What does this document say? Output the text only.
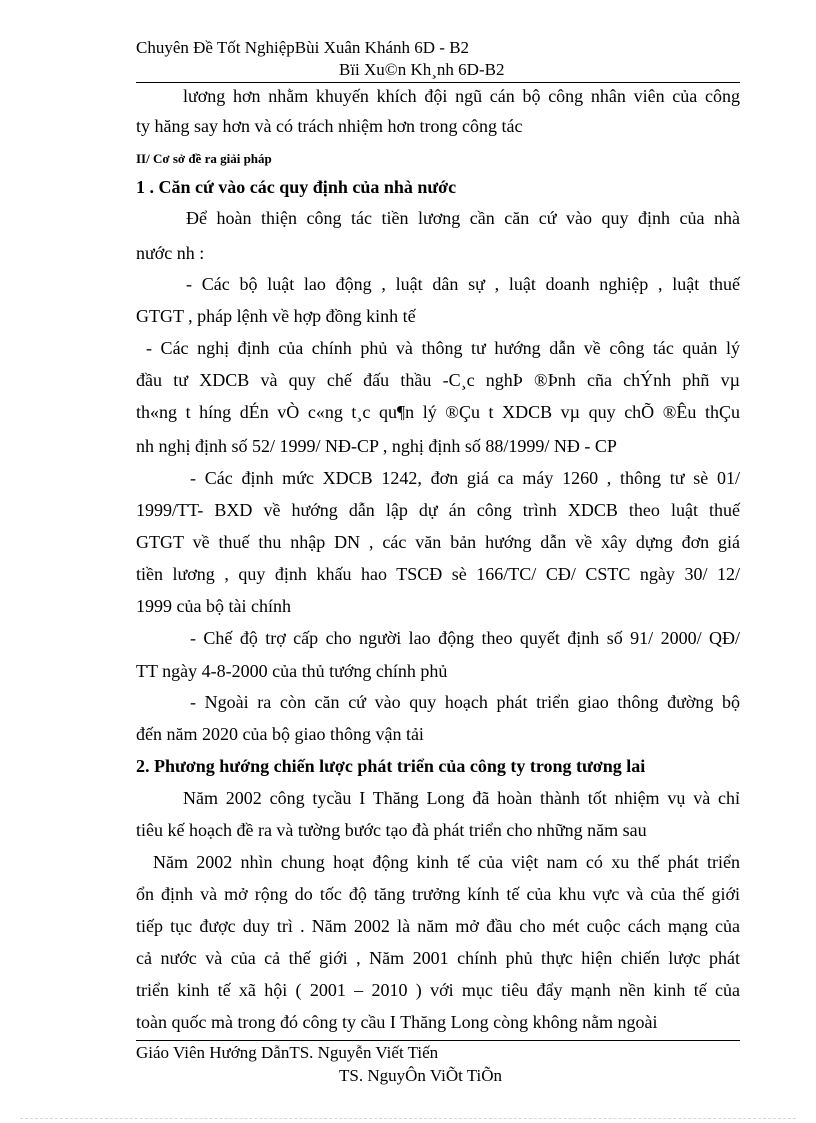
Chuyên Đề Tốt NghiệpBùi Xuân Khánh 6D - B2
Bïi Xu©n Kh¸nh 6D-B2
lương hơn nhằm khuyến khích đội ngũ cán bộ công nhân viên của công
ty hăng say hơn và có trách nhiệm hơn trong công tác
II/ Cơ sở đề ra giải pháp
1 . Căn cứ vào các quy định của nhà nước
Để hoàn thiện công tác tiền lương cần căn cứ vào quy định của nhà
nước nh :
- Các bộ luật lao động , luật dân sự , luật doanh nghiệp , luật thuế
GTGT , pháp lệnh về hợp đồng kinh tế
- Các nghị định của chính phủ và thông tư hướng dẫn về công tác quản lý
đầu tư XDCB và quy chế đấu thầu -C¸c nghÞ ®Þnh cña chÝnh phñ vµ
th«ng t híng dÉn vÒ c«ng t¸c qu¶n lý ®Çu t XDCB vµ quy chÕ ®Êu thÇu
nh nghị định số 52/ 1999/ NĐ-CP , nghị định số 88/1999/ NĐ - CP
- Các định mức XDCB 1242, đơn giá ca máy 1260 , thông tư sè 01/
1999/TT- BXD về hướng dẫn lập dự án công trình XDCB theo luật thuế
GTGT về thuế thu nhập DN , các văn bản hướng dẫn về xây dựng đơn giá
tiền lương , quy định khấu hao TSCĐ sè 166/TC/ CĐ/ CSTC ngày 30/ 12/
1999 của bộ tài chính
- Chế độ trợ cấp cho người lao động theo quyết định số 91/ 2000/ QĐ/
TT ngày 4-8-2000 của thủ tướng chính phủ
- Ngoài ra còn căn cứ vào quy hoạch phát triển giao thông đường bộ
đến năm 2020 của bộ giao thông vận tải
2. Phương hướng chiến lược phát triển của công ty trong tương lai
Năm 2002 công tycầu I Thăng Long đã hoàn thành tốt nhiệm vụ và chỉ
tiêu kế hoạch đề ra và tường bước tạo đà phát triển cho những năm sau
Năm 2002 nhìn chung hoạt động kinh tế của việt nam có xu thế phát triển
ổn định và mở rộng do tốc độ tăng trưởng kính tế của khu vực và của thế giới
tiếp tục được duy trì . Năm 2002 là năm mở đầu cho mét cuộc cách mạng của
cả nước và của cả thế giới , Năm 2001 chính phủ thực hiện chiến lược phát
triển kinh tế xã hội ( 2001 – 2010 ) với mục tiêu đẩy mạnh nền kinh tế của
toàn quốc mà trong đó công ty cầu I Thăng Long còng không nằm ngoài
Giáo Viên Hướng DẫnTS. Nguyễn Viết Tiến
TS. NguyÔn ViÕt TiÕn
